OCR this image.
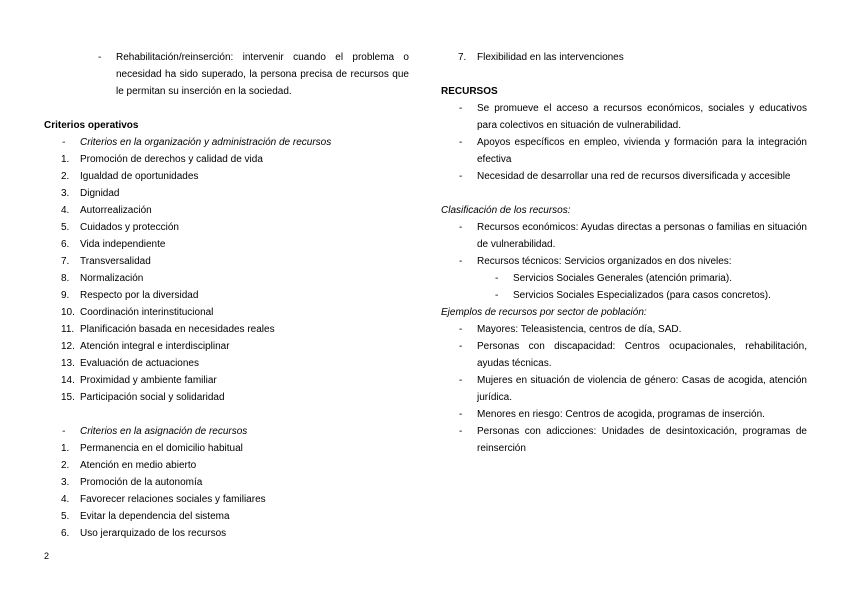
- Rehabilitación/reinserción: intervenir cuando el problema o necesidad ha sido superado, la persona precisa de recursos que le permitan su inserción en la sociedad.
Criterios operativos
- Criterios en la organización y administración de recursos
1. Promoción de derechos y calidad de vida
2. Igualdad de oportunidades
3. Dignidad
4. Autorrealización
5. Cuidados y protección
6. Vida independiente
7. Transversalidad
8. Normalización
9. Respecto por la diversidad
10. Coordinación interinstitucional
11. Planificación basada en necesidades reales
12. Atención integral e interdisciplinar
13. Evaluación de actuaciones
14. Proximidad y ambiente familiar
15. Participación social y solidaridad
- Criterios en la asignación de recursos
1. Permanencia en el domicilio habitual
2. Atención en medio abierto
3. Promoción de la autonomía
4. Favorecer relaciones sociales y familiares
5. Evitar la dependencia del sistema
6. Uso jerarquizado de los recursos
7. Flexibilidad en las intervenciones
RECURSOS
- Se promueve el acceso a recursos económicos, sociales y educativos para colectivos en situación de vulnerabilidad.
- Apoyos específicos en empleo, vivienda y formación para la integración efectiva
- Necesidad de desarrollar una red de recursos diversificada y accesible
Clasificación de los recursos:
- Recursos económicos: Ayudas directas a personas o familias en situación de vulnerabilidad.
- Recursos técnicos: Servicios organizados en dos niveles:
- Servicios Sociales Generales (atención primaria).
- Servicios Sociales Especializados (para casos concretos).
Ejemplos de recursos por sector de población:
- Mayores: Teleasistencia, centros de día, SAD.
- Personas con discapacidad: Centros ocupacionales, rehabilitación, ayudas técnicas.
- Mujeres en situación de violencia de género: Casas de acogida, atención jurídica.
- Menores en riesgo: Centros de acogida, programas de inserción.
- Personas con adicciones: Unidades de desintoxicación, programas de reinserción
2
